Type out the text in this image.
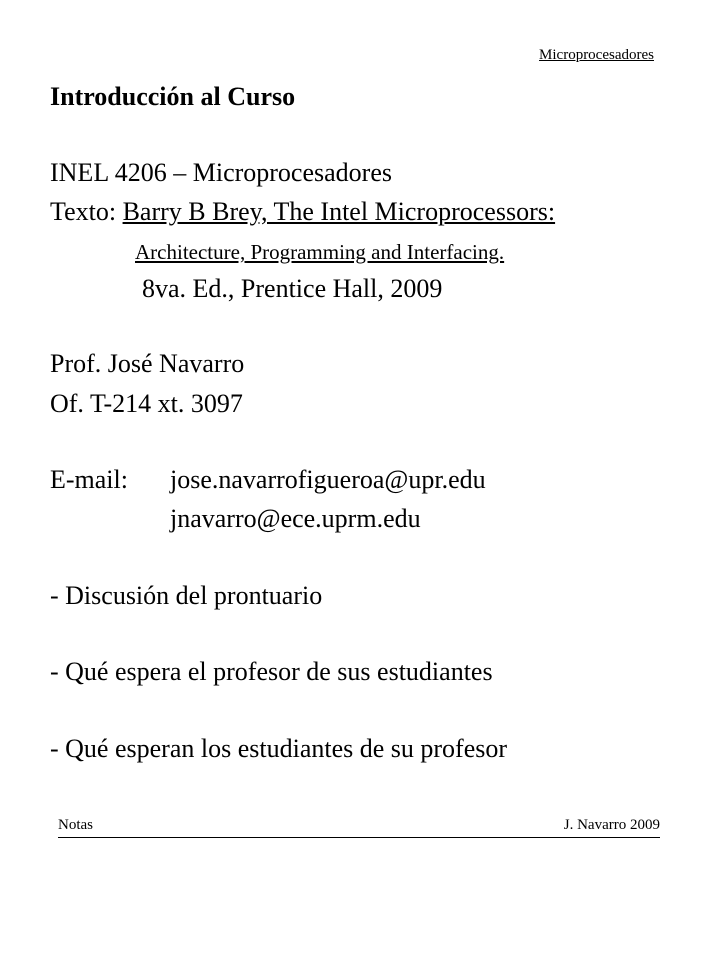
Microprocesadores
Introducción al Curso
INEL 4206 – Microprocesadores
Texto: Barry B Brey, The Intel Microprocessors:
Architecture, Programming and Interfacing.
8va. Ed., Prentice Hall, 2009
Prof. José Navarro
Of. T-214 xt. 3097
E-mail: jose.navarrofigueroa@upr.edu
jnavarro@ece.uprm.edu
- Discusión del prontuario
- Qué espera el profesor de sus estudiantes
- Qué esperan los estudiantes de su profesor
Notas	J. Navarro 2009
